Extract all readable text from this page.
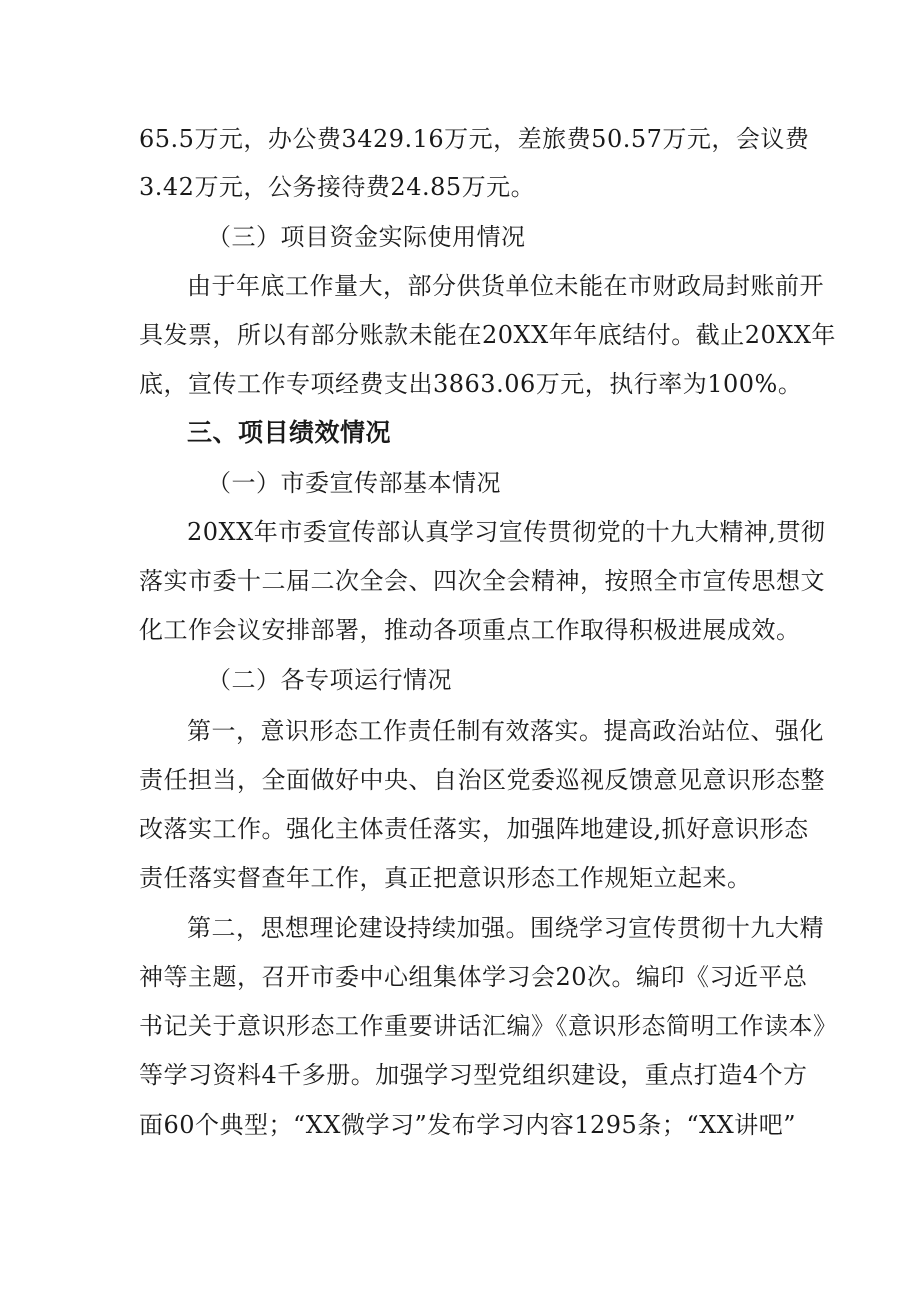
65.5万元，办公费3429.16万元，差旅费50.57万元，会议费
3.42万元，公务接待费24.85万元。
（三）项目资金实际使用情况
由于年底工作量大，部分供货单位未能在市财政局封账前开
具发票，所以有部分账款未能在20XX年年底结付。截止20XX年
底，宣传工作专项经费支出3863.06万元，执行率为100%。
三、项目绩效情况
（一）市委宣传部基本情况
20XX年市委宣传部认真学习宣传贯彻党的十九大精神,贯彻
落实市委十二届二次全会、四次全会精神，按照全市宣传思想文
化工作会议安排部署，推动各项重点工作取得积极进展成效。
（二）各专项运行情况
第一，意识形态工作责任制有效落实。提高政治站位、强化
责任担当，全面做好中央、自治区党委巡视反馈意见意识形态整
改落实工作。强化主体责任落实，加强阵地建设,抓好意识形态
责任落实督查年工作，真正把意识形态工作规矩立起来。
第二，思想理论建设持续加强。围绕学习宣传贯彻十九大精
神等主题，召开市委中心组集体学习会20次。编印《习近平总
书记关于意识形态工作重要讲话汇编》《意识形态简明工作读本》
等学习资料4千多册。加强学习型党组织建设，重点打造4个方
面60个典型；“XX微学习”发布学习内容1295条；“XX讲吧”
